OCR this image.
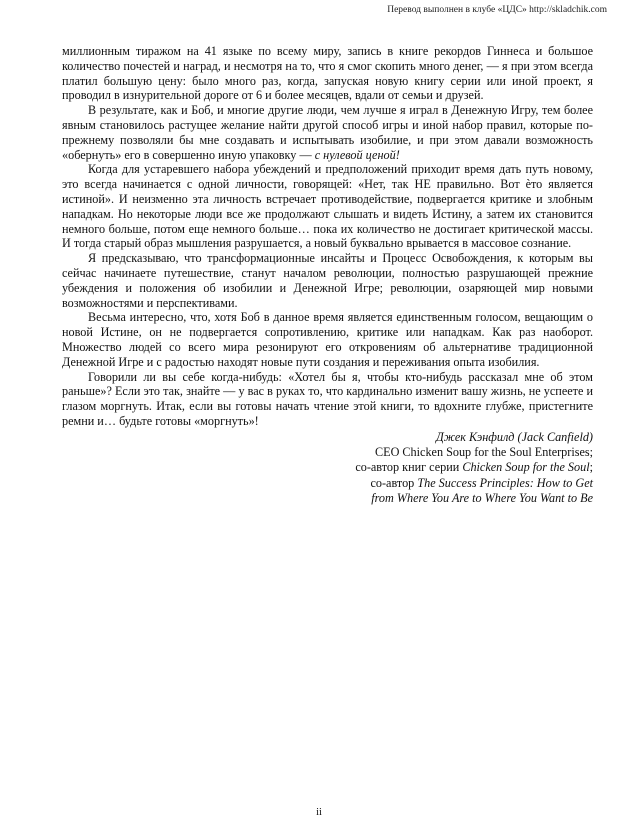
Перевод выполнен в клубе «ЦДС» http://skladchik.com

миллионным тиражом на 41 языке по всему миру, запись в книге рекордов Гиннеса и большое количество почестей и наград, и несмотря на то, что я смог скопить много денег, — я при этом всегда платил большую цену: было много раз, когда, запуская новую книгу серии или иной проект, я проводил в изнурительной дороге от 6 и более месяцев, вдали от семьи и друзей.

В результате, как и Боб, и многие другие люди, чем лучше я играл в Денежную Игру, тем более явным становилось растущее желание найти другой способ игры и иной набор правил, которые по-прежнему позволяли бы мне создавать и испытывать изобилие, и при этом давали возможность «обернуть» его в совершенно иную упаковку — с нулевой ценой!

Когда для устаревшего набора убеждений и предположений приходит время дать путь новому, это всегда начинается с одной личности, говорящей: «Нет, так НЕ правильно. Вот ѐто является истиной». И неизменно эта личность встречает противодействие, подвергается критике и злобным нападкам. Но некоторые люди все же продолжают слышать и видеть Истину, а затем их становится немного больше, потом еще немного больше… пока их количество не достигает критической массы. И тогда старый образ мышления разрушается, а новый буквально врывается в массовое сознание.

Я предсказываю, что трансформационные инсайты и Процесс Освобождения, к которым вы сейчас начинаете путешествие, станут началом революции, полностью разрушающей прежние убеждения и положения об изобилии и Денежной Игре; революции, озаряющей мир новыми возможностями и перспективами.

Весьма интересно, что, хотя Боб в данное время является единственным голосом, вещающим о новой Истине, он не подвергается сопротивлению, критике или нападкам. Как раз наоборот. Множество людей со всего мира резонируют его откровениям об альтернативе традиционной Денежной Игре и с радостью находят новые пути создания и переживания опыта изобилия.

Говорили ли вы себе когда-нибудь: «Хотел бы я, чтобы кто-нибудь рассказал мне об этом раньше»? Если это так, знайте — у вас в руках то, что кардинально изменит вашу жизнь, не успеете и глазом моргнуть. Итак, если вы готовы начать чтение этой книги, то вдохните глубже, пристегните ремни и… будьте готовы «моргнуть»!

Джек Кэнфилд (Jack Canfield)
CEO Chicken Soup for the Soul Enterprises;
со-автор книг серии Chicken Soup for the Soul;
со-автор The Success Principles: How to Get
from Where You Are to Where You Want to Be
ii
